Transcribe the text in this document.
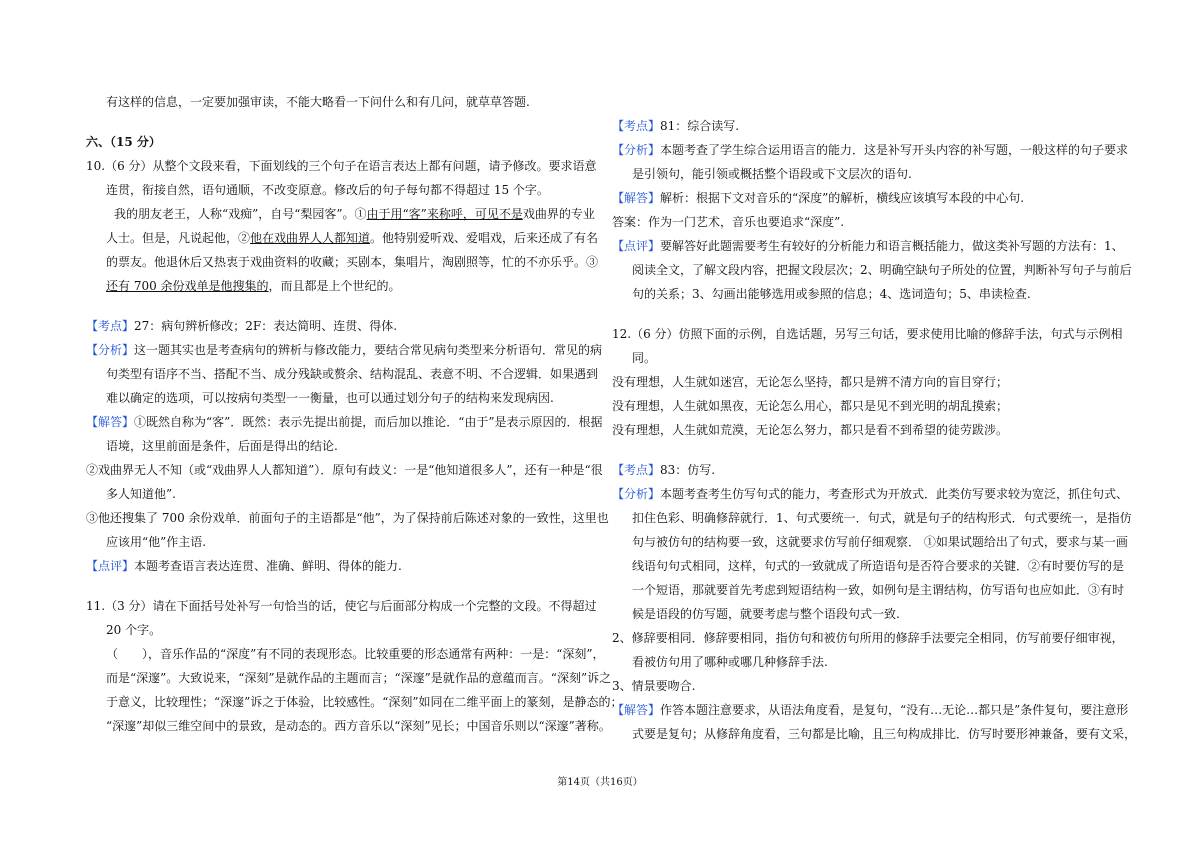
有这样的信息，一定要加强审读，不能大略看一下问什么和有几问，就草草答题.
六、（15 分）
10.（6 分）从整个文段来看，下面划线的三个句子在语言表达上都有问题，请予修改。要求语意
连贯，衔接自然，语句通顺，不改变原意。修改后的句子每句都不得超过 15 个字。
我的朋友老王，人称“戏痴”，自号“梨园客”。①由于用“客”来称呼，可见不是戏曲界的专业
人士。但是，凡说起他，②他在戏曲界人人都知道。他特别爱听戏、爱唱戏，后来还成了有名
的票友。他退休后又热衷于戏曲资料的收藏；买剧本，集唱片，淘剧照等，忙的不亦乐乎。③
还有 700 余份戏单是他搜集的，而且都是上个世纪的。
【考点】27：病句辨析修改；2F：表达简明、连贯、得体.
【分析】这一题其实也是考查病句的辨析与修改能力，要结合常见病句类型来分析语句．常见的病
句类型有语序不当、搭配不当、成分残缺或赘余、结构混乱、表意不明、不合逻辑．如果遇到
难以确定的选项，可以按病句类型一一衡量，也可以通过划分句子的结构来发现病因.
【解答】①既然自称为“客”．既然：表示先提出前提，而后加以推论．“由于”是表示原因的．根据
语境，这里前面是条件，后面是得出的结论.
②戏曲界无人不知（或“戏曲界人人都知道”）．原句有歧义：一是“他知道很多人”，还有一种是“很
多人知道他”.
③他还搜集了 700 余份戏单．前面句子的主语都是“他”，为了保持前后陈述对象的一致性，这里也
应该用“他”作主语.
【点评】本题考查语言表达连贯、准确、鲜明、得体的能力.
11.（3 分）请在下面括号处补写一句恰当的话，使它与后面部分构成一个完整的文段。不得超过
20 个字。
（　　），音乐作品的“深度”有不同的表现形态。比较重要的形态通常有两种：一是：“深刻”，
而是“深邃”。大致说来，“深刻”是就作品的主题而言；“深邃”是就作品的意蕴而言。“深刻”诉之
于意义，比较理性；“深邃”诉之于体验，比较感性。“深刻”如同在二维平面上的篆刻，是静态的；
“深邃”却似三维空间中的景致，是动态的。西方音乐以“深刻”见长；中国音乐则以“深邃”著称。
【考点】81：综合读写.
【分析】本题考查了学生综合运用语言的能力．这是补写开头内容的补写题，一般这样的句子要求
是引领句，能引领或概括整个语段或下文层次的语句.
【解答】解析：根据下文对音乐的“深度”的解析，横线应该填写本段的中心句.
答案：作为一门艺术，音乐也要追求“深度”.
【点评】要解答好此题需要考生有较好的分析能力和语言概括能力，做这类补写题的方法有：1、
阅读全文，了解文段内容，把握文段层次；2、明确空缺句子所处的位置，判断补写句子与前后
句的关系；3、勾画出能够选用或参照的信息；4、选词造句；5、串读检查.
12.（6 分）仿照下面的示例，自选话题，另写三句话，要求使用比喻的修辞手法，句式与示例相
同。
没有理想，人生就如迷宫，无论怎么坚持，都只是辨不清方向的盲目穿行；
没有理想，人生就如黑夜，无论怎么用心，都只是见不到光明的胡乱摸索；
没有理想，人生就如荒漠，无论怎么努力，都只是看不到希望的徒劳跋涉。
【考点】83：仿写.
【分析】本题考查考生仿写句式的能力，考查形式为开放式．此类仿写要求较为宽泛，抓住句式、
扣住色彩、明确修辞就行．1、句式要统一．句式，就是句子的结构形式．句式要统一，是指仿
句与被仿句的结构要一致，这就要求仿写前仔细观察． ①如果试题给出了句式，要求与某一画
线语句句式相同，这样，句式的一致就成了所造语句是否符合要求的关键．②有时要仿写的是
一个短语，那就要首先考虑到短语结构一致，如例句是主谓结构，仿写语句也应如此．③有时
候是语段的仿写题，就要考虑与整个语段句式一致.
2、修辞要相同．修辞要相同，指仿句和被仿句所用的修辞手法要完全相同，仿写前要仔细审视，
看被仿句用了哪种或哪几种修辞手法.
3、情景要吻合.
【解答】作答本题注意要求，从语法角度看，是复句，“没有…无论…都只是”条件复句，要注意形
式要是复句；从修辞角度看，三句都是比喻，且三句构成排比．仿写时要形神兼备，要有文采，
第14页（共16页）
